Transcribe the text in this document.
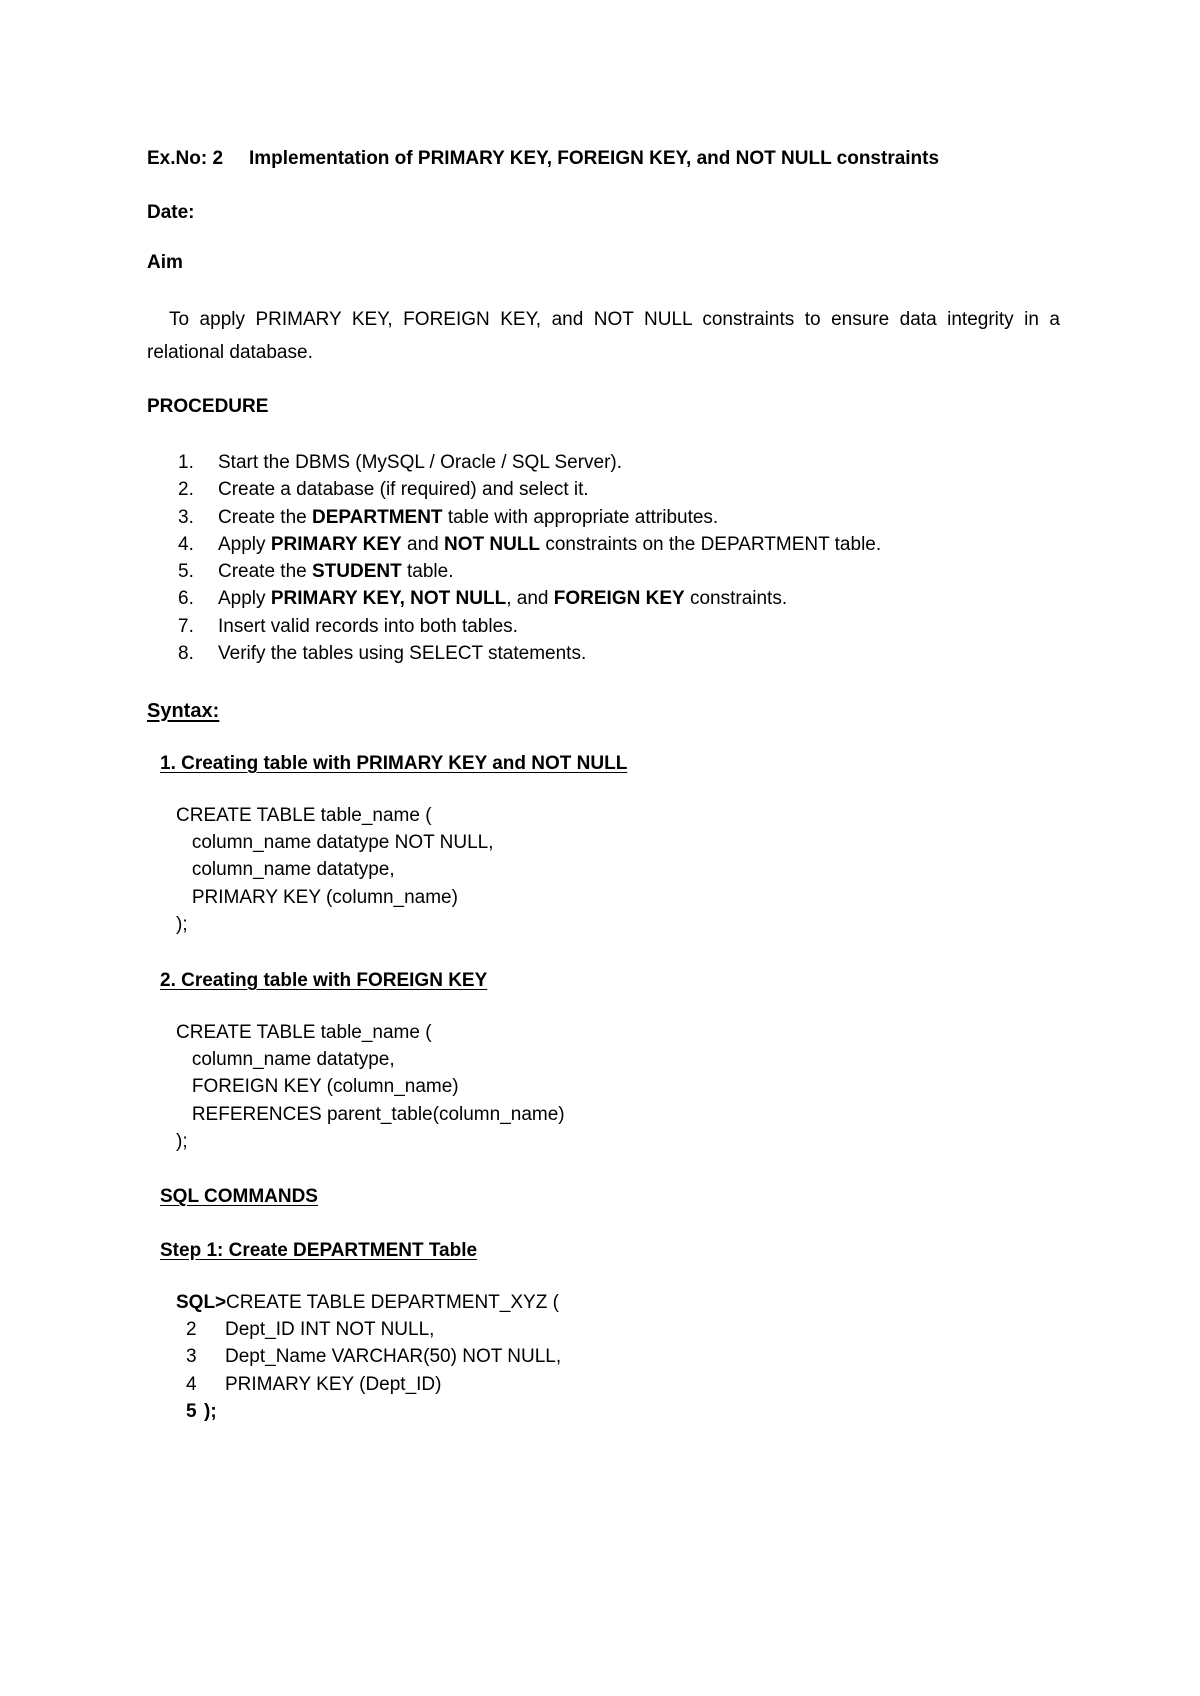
Ex.No: 2 Implementation of PRIMARY KEY, FOREIGN KEY, and NOT NULL constraints
Date:
Aim
To apply PRIMARY KEY, FOREIGN KEY, and NOT NULL constraints to ensure data integrity in a relational database.
PROCEDURE
1. Start the DBMS (MySQL / Oracle / SQL Server).
2. Create a database (if required) and select it.
3. Create the DEPARTMENT table with appropriate attributes.
4. Apply PRIMARY KEY and NOT NULL constraints on the DEPARTMENT table.
5. Create the STUDENT table.
6. Apply PRIMARY KEY, NOT NULL, and FOREIGN KEY constraints.
7. Insert valid records into both tables.
8. Verify the tables using SELECT statements.
Syntax:
1. Creating table with PRIMARY KEY and NOT NULL
CREATE TABLE table_name (
column_name datatype NOT NULL,
column_name datatype,
PRIMARY KEY (column_name)
);
2. Creating table with FOREIGN KEY
CREATE TABLE table_name (
column_name datatype,
FOREIGN KEY (column_name)
REFERENCES parent_table(column_name)
);
SQL COMMANDS
Step 1: Create DEPARTMENT Table
SQL> CREATE TABLE DEPARTMENT_XYZ (
2 Dept_ID INT NOT NULL,
3 Dept_Name VARCHAR(50) NOT NULL,
4 PRIMARY KEY (Dept_ID)
5 );
